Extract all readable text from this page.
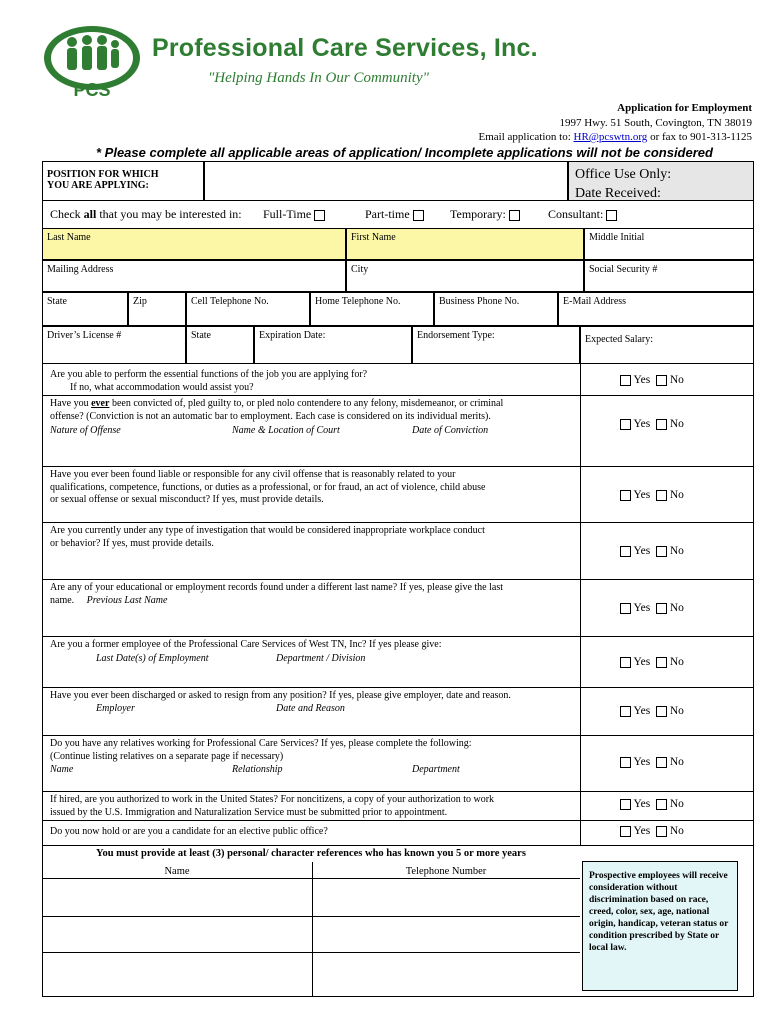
PCS
Professional Care Services, Inc.
"Helping Hands In Our Community"
Application for Employment
1997 Hwy. 51 South, Covington, TN 38019
Email application to: HR@pcswtn.org or fax to 901-313-1125
* Please complete all applicable areas of application/ Incomplete applications will not be considered
POSITION FOR WHICH
YOU ARE APPLYING:
Office Use Only:
Date Received:
Check all that you may be interested in: Full-Time	Part-time	Temporary:	Consultant:
Last Name	First Name	Middle Initial
Mailing Address	City	Social Security #
State	Zip	Cell Telephone No.	Home Telephone No.	Business Phone No.	E-Mail Address
Driver’s License #	State	Expiration Date:	Endorsement Type:	Expected Salary:
Are you able to perform the essential functions of the job you are applying for?
If no, what accommodation would assist you?
Yes No
Have you ever been convicted of, pled guilty to, or pled nolo contendere to any felony, misdemeanor, or criminal
offense? (Conviction is not an automatic bar to employment. Each case is considered on its individual merits).
Nature of Offense	Name & Location of Court	Date of Conviction
Yes No
Have you ever been found liable or responsible for any civil offense that is reasonably related to your
qualifications, competence, functions, or duties as a professional, or for fraud, an act of violence, child abuse
or sexual offense or sexual misconduct? If yes, must provide details.	Yes No
Are you currently under any type of investigation that would be considered inappropriate workplace conduct
or behavior? If yes, must provide details.
Yes No
Are any of your educational or employment records found under a different last name? If yes, please give the last
name. Previous Last Name
Yes No
Are you a former employee of the Professional Care Services of West TN, Inc? If yes please give:
Last Date(s) of Employment	Department / Division	Yes No
Have you ever been discharged or asked to resign from any position? If yes, please give employer, date and reason.
Employer	Date and Reason	Yes No
Do you have any relatives working for Professional Care Services? If yes, please complete the following:
(Continue listing relatives on a separate page if necessary)
Name	Relationship	Department
Yes No
If hired, are you authorized to work in the United States? For noncitizens, a copy of your authorization to work
issued by the U.S. Immigration and Naturalization Service must be submitted prior to appointment.
Yes No
Do you now hold or are you a candidate for an elective public office?	Yes No
You must provide at least (3) personal/ character references who has known you 5 or more years
Name	Telephone Number	Prospective employees will receive consideration without discrimination based on race, creed, color, sex, age, national origin, handicap, veteran status or condition prescribed by State or local law.
